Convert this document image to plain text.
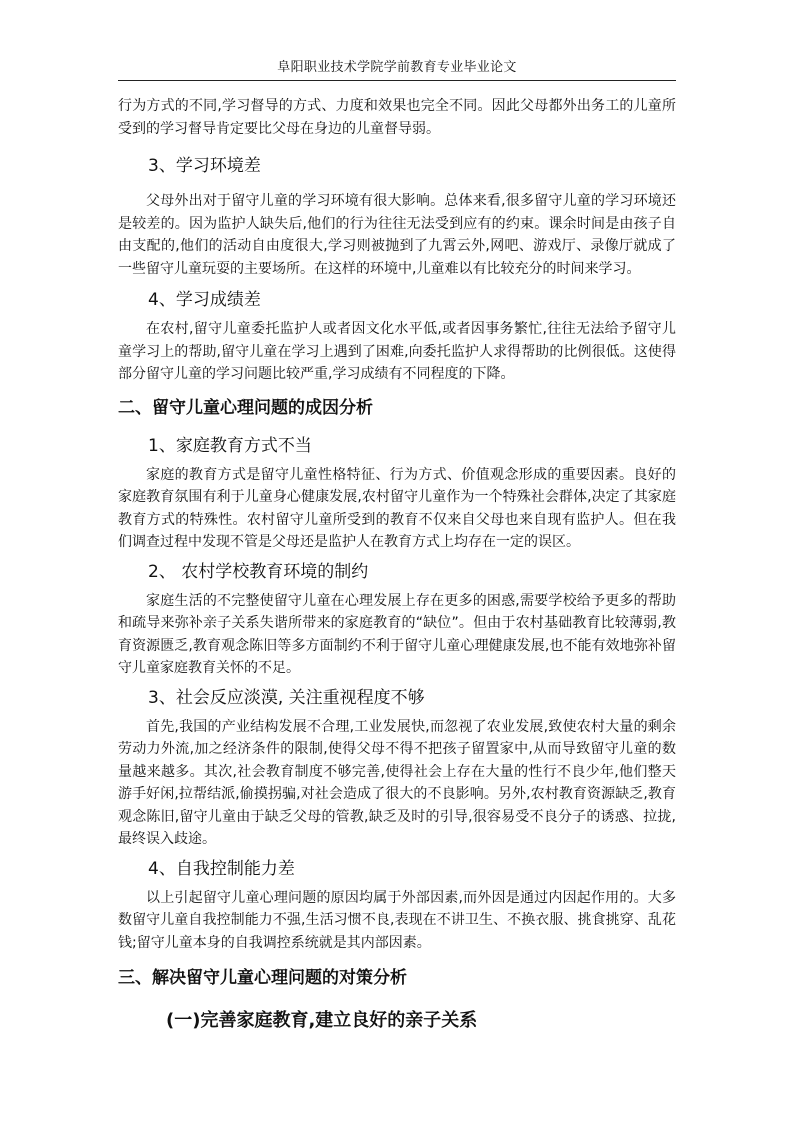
阜阳职业技术学院学前教育专业毕业论文

行为方式的不同,学习督导的方式、力度和效果也完全不同。因此父母都外出务工的儿童所受到的学习督导肯定要比父母在身边的儿童督导弱。

3、学习环境差

父母外出对于留守儿童的学习环境有很大影响。总体来看,很多留守儿童的学习环境还是较差的。因为监护人缺失后,他们的行为往往无法受到应有的约束。课余时间是由孩子自由支配的,他们的活动自由度很大,学习则被抛到了九霄云外,网吧、游戏厅、录像厅就成了一些留守儿童玩耍的主要场所。在这样的环境中,儿童难以有比较充分的时间来学习。

4、学习成绩差

在农村,留守儿童委托监护人或者因文化水平低,或者因事务繁忙,往往无法给予留守儿童学习上的帮助,留守儿童在学习上遇到了困难,向委托监护人求得帮助的比例很低。这使得部分留守儿童的学习问题比较严重,学习成绩有不同程度的下降。

二、留守儿童心理问题的成因分析
1、家庭教育方式不当

家庭的教育方式是留守儿童性格特征、行为方式、价值观念形成的重要因素。良好的家庭教育氛围有利于儿童身心健康发展,农村留守儿童作为一个特殊社会群体,决定了其家庭教育方式的特殊性。农村留守儿童所受到的教育不仅来自父母也来自现有监护人。但在我们调查过程中发现不管是父母还是监护人在教育方式上均存在一定的误区。

2、 农村学校教育环境的制约

家庭生活的不完整使留守儿童在心理发展上存在更多的困惑,需要学校给予更多的帮助和疏导来弥补亲子关系失谐所带来的家庭教育的“缺位”。但由于农村基础教育比较薄弱,教育资源匮乏,教育观念陈旧等多方面制约不利于留守儿童心理健康发展,也不能有效地弥补留守儿童家庭教育关怀的不足。

3、社会反应淡漠, 关注重视程度不够

首先,我国的产业结构发展不合理,工业发展快,而忽视了农业发展,致使农村大量的剩余劳动力外流,加之经济条件的限制,使得父母不得不把孩子留置家中,从而导致留守儿童的数量越来越多。其次,社会教育制度不够完善,使得社会上存在大量的性行不良少年,他们整天游手好闲,拉帮结派,偷摸拐骗,对社会造成了很大的不良影响。另外,农村教育资源缺乏,教育观念陈旧,留守儿童由于缺乏父母的管教,缺乏及时的引导,很容易受不良分子的诱惑、拉拢,最终误入歧途。

4、自我控制能力差

以上引起留守儿童心理问题的原因均属于外部因素,而外因是通过内因起作用的。大多数留守儿童自我控制能力不强,生活习惯不良,表现在不讲卫生、不换衣服、挑食挑穿、乱花钱;留守儿童本身的自我调控系统就是其内部因素。

三、解决留守儿童心理问题的对策分析
(一)完善家庭教育,建立良好的亲子关系
